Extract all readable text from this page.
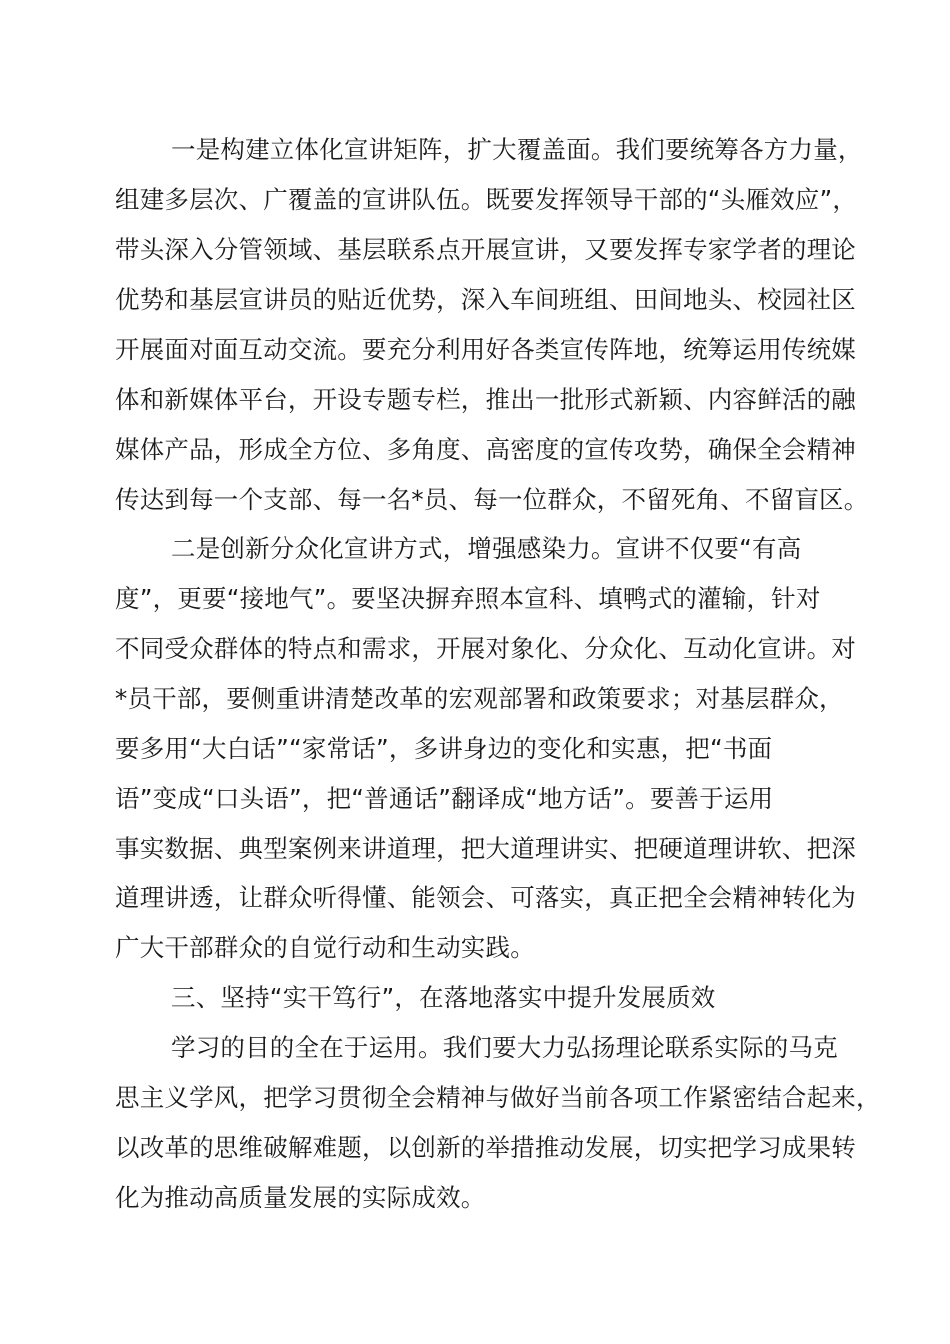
一是构建立体化宣讲矩阵，扩大覆盖面。我们要统筹各方力量，
组建多层次、广覆盖的宣讲队伍。既要发挥领导干部的“头雁效应”，
带头深入分管领域、基层联系点开展宣讲，又要发挥专家学者的理论
优势和基层宣讲员的贴近优势，深入车间班组、田间地头、校园社区
开展面对面互动交流。要充分利用好各类宣传阵地，统筹运用传统媒
体和新媒体平台，开设专题专栏，推出一批形式新颖、内容鲜活的融
媒体产品，形成全方位、多角度、高密度的宣传攻势，确保全会精神
传达到每一个支部、每一名*员、每一位群众，不留死角、不留盲区。
二是创新分众化宣讲方式，增强感染力。宣讲不仅要“有高
度”，更要“接地气”。要坚决摒弃照本宣科、填鸭式的灌输，针对
不同受众群体的特点和需求，开展对象化、分众化、互动化宣讲。对
*员干部，要侧重讲清楚改革的宏观部署和政策要求；对基层群众，
要多用“大白话”“家常话”，多讲身边的变化和实惠，把“书面
语”变成“口头语”，把“普通话”翻译成“地方话”。要善于运用
事实数据、典型案例来讲道理，把大道理讲实、把硬道理讲软、把深
道理讲透，让群众听得懂、能领会、可落实，真正把全会精神转化为
广大干部群众的自觉行动和生动实践。
三、坚持“实干笃行”，在落地落实中提升发展质效
学习的目的全在于运用。我们要大力弘扬理论联系实际的马克
思主义学风，把学习贯彻全会精神与做好当前各项工作紧密结合起来，
以改革的思维破解难题，以创新的举措推动发展，切实把学习成果转
化为推动高质量发展的实际成效。
